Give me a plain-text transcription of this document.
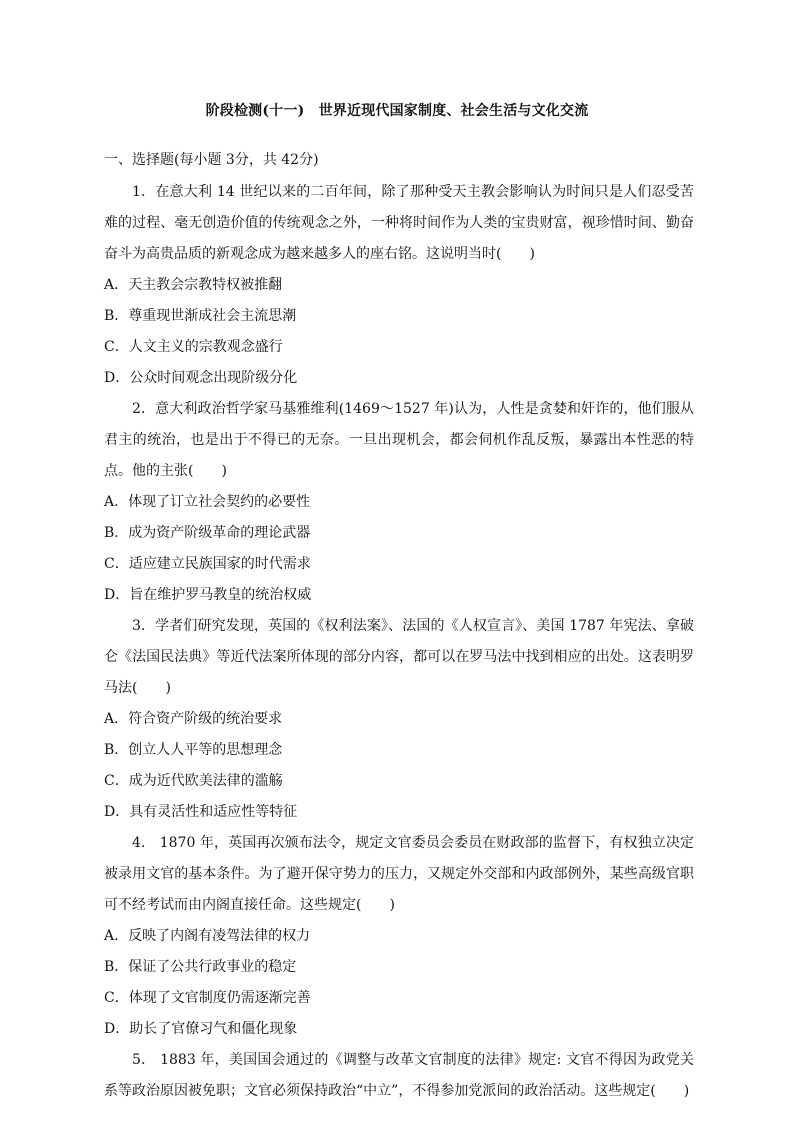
阶段检测(十一)　世界近现代国家制度、社会生活与文化交流
一、选择题(每小题 3分，共 42分)

1．在意大利 14 世纪以来的二百年间，除了那种受天主教会影响认为时间只是人们忍受苦难的过程、毫无创造价值的传统观念之外，一种将时间作为人类的宝贵财富，视珍惜时间、勤奋奋斗为高贵品质的新观念成为越来越多人的座右铭。这说明当时(　　)

A．天主教会宗教特权被推翻

B．尊重现世渐成社会主流思潮

C．人文主义的宗教观念盛行

D．公众时间观念出现阶级分化

2．意大利政治哲学家马基雅维利(1469～1527 年)认为，人性是贪婪和奸诈的，他们服从君主的统治，也是出于不得已的无奈。一旦出现机会，都会伺机作乱反叛，暴露出本性恶的特点。他的主张(　　)

A．体现了订立社会契约的必要性

B．成为资产阶级革命的理论武器

C．适应建立民族国家的时代需求

D．旨在维护罗马教皇的统治权威

3．学者们研究发现，英国的《权利法案》、法国的《人权宣言》、美国 1787 年宪法、拿破仑《法国民法典》等近代法案所体现的部分内容，都可以在罗马法中找到相应的出处。这表明罗马法(　　)

A．符合资产阶级的统治要求

B．创立人人平等的思想理念

C．成为近代欧美法律的滥觞

D．具有灵活性和适应性等特征

4． 1870 年，英国再次颁布法令，规定文官委员会委员在财政部的监督下，有权独立决定被录用文官的基本条件。为了避开保守势力的压力，又规定外交部和内政部例外，某些高级官职可不经考试而由内阁直接任命。这些规定(　　)

A．反映了内阁有凌驾法律的权力

B．保证了公共行政事业的稳定

C．体现了文官制度仍需逐渐完善

D．助长了官僚习气和僵化现象

5． 1883 年，美国国会通过的《调整与改革文官制度的法律》规定: 文官不得因为政党关系等政治原因被免职；文官必须保持政治“中立”，不得参加党派间的政治活动。这些规定(　　)
